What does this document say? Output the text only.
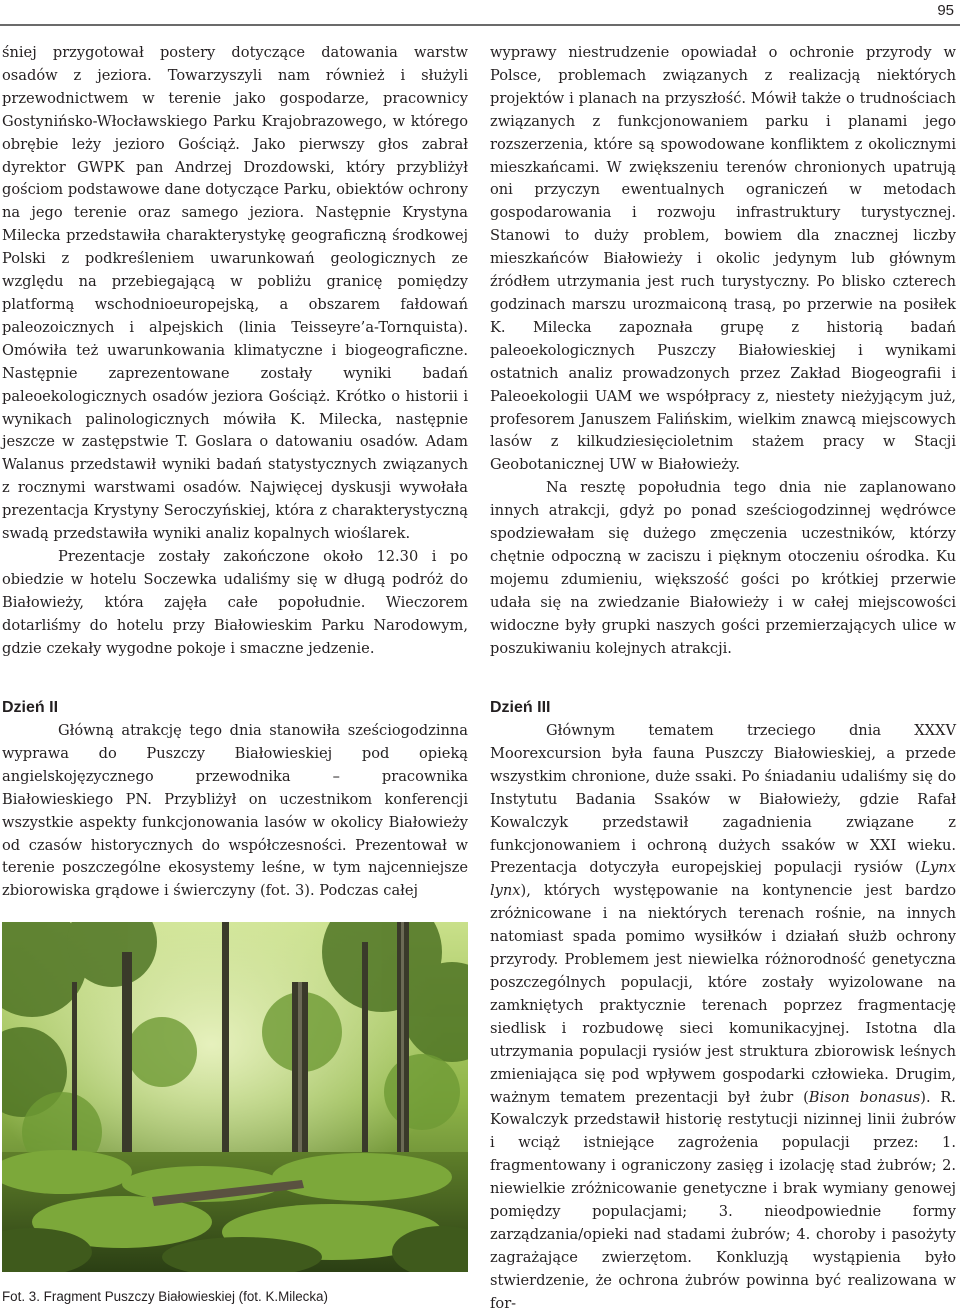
95

śniej przygotował postery dotyczące datowania warstw osadów z jeziora. Towarzyszyli nam również i służyli przewodnictwem w terenie jako gospodarze, pracownicy Gostynińsko-Włocławskiego Parku Krajobrazowego, w którego obrębie leży jezioro Gościąż. Jako pierwszy głos zabrał dyrektor GWPK pan Andrzej Drozdowski, który przybliżył gościom podstawowe dane dotyczące Parku, obiektów ochrony na jego terenie oraz samego jeziora. Następnie Krystyna Milecka przedstawiła charakterystykę geograficzną środkowej Polski z podkreśleniem uwarunkowań geologicznych ze względu na przebiegającą w pobliżu granicę pomiędzy platformą wschodnioeuropejską, a obszarem fałdowań paleozoicznych i alpejskich (linia Teisseyre’a-Tornquista). Omówiła też uwarunkowania klimatyczne i biogeograficzne. Następnie zaprezentowane zostały wyniki badań paleoekologicznych osadów jeziora Gościąż. Krótko o historii i wynikach palinologicznych mówiła K. Milecka, następnie jeszcze w zastępstwie T. Goslara o datowaniu osadów. Adam Walanus przedstawił wyniki badań statystycznych związanych z rocznymi warstwami osadów. Najwięcej dyskusji wywołała prezentacja Krystyny Seroczyńskiej, która z charakterystyczną swadą przedstawiła wyniki analiz kopalnych wioślarek.

Prezentacje zostały zakończone około 12.30 i po obiedzie w hotelu Soczewka udaliśmy się w długą podróż do Białowieży, która zajęła całe popołudnie. Wieczorem dotarliśmy do hotelu przy Białowieskim Parku Narodowym, gdzie czekały wygodne pokoje i smaczne jedzenie.

wyprawy niestrudzenie opowiadał o ochronie przyrody w Polsce, problemach związanych z realizacją niektórych projektów i planach na przyszłość. Mówił także o trudnościach związanych z funkcjonowaniem parku i planami jego rozszerzenia, które są spowodowane konfliktem z okolicznymi mieszkańcami. W zwiększeniu terenów chronionych upatrują oni przyczyn ewentualnych ograniczeń w metodach gospodarowania i rozwoju infrastruktury turystycznej. Stanowi to duży problem, bowiem dla znacznej liczby mieszkańców Białowieży i okolic jedynym lub głównym źródłem utrzymania jest ruch turystyczny. Po blisko czterech godzinach marszu urozmaiconą trasą, po przerwie na posiłek K. Milecka zapoznała grupę z historią badań paleoekologicznych Puszczy Białowieskiej i wynikami ostatnich analiz prowadzonych przez Zakład Biogeografii i Paleoekologii UAM we współpracy z, niestety nieżyjącym już, profesorem Januszem Falińskim, wielkim znawcą miejscowych lasów z kilkudziesięcioletnim stażem pracy w Stacji Geobotanicznej UW w Białowieży.

Na resztę popołudnia tego dnia nie zaplanowano innych atrakcji, gdyż po ponad sześciogodzinnej wędrówce spodziewałam się dużego zmęczenia uczestników, którzy chętnie odpoczną w zaciszu i pięknym otoczeniu ośrodka. Ku mojemu zdumieniu, większość gości po krótkiej przerwie udała się na zwiedzanie Białowieży i w całej miejscowości widoczne były grupki naszych gości przemierzających ulice w poszukiwaniu kolejnych atrakcji.

Dzień II

Główną atrakcję tego dnia stanowiła sześciogodzinna wyprawa do Puszczy Białowieskiej pod opieką angielskojęzycznego przewodnika – pracownika Białowieskiego PN. Przybliżył on uczestnikom konferencji wszystkie aspekty funkcjonowania lasów w okolicy Białowieży od czasów historycznych do współczesności. Prezentował w terenie poszczególne ekosystemy leśne, w tym najcenniejsze zbiorowiska grądowe i świerczyny (fot. 3). Podczas całej

Fot. 3. Fragment Puszczy Białowieskiej (fot. K.Milecka)
Dzień III

Głównym tematem trzeciego dnia XXXV Moorexcursion była fauna Puszczy Białowieskiej, a przede wszystkim chronione, duże ssaki. Po śniadaniu udaliśmy się do Instytutu Badania Ssaków w Białowieży, gdzie Rafał Kowalczyk przedstawił zagadnienia związane z funkcjonowaniem i ochroną dużych ssaków w XXI wieku. Prezentacja dotyczyła europejskiej populacji rysiów (Lynx lynx), których występowanie na kontynencie jest bardzo zróżnicowane i na niektórych terenach rośnie, na innych natomiast spada pomimo wysiłków i działań służb ochrony przyrody. Problemem jest niewielka różnorodność genetyczna poszczególnych populacji, które zostały wyizolowane na zamkniętych praktycznie terenach poprzez fragmentację siedlisk i rozbudowę sieci komunikacyjnej. Istotna dla utrzymania populacji rysiów jest struktura zbiorowisk leśnych zmieniająca się pod wpływem gospodarki człowieka. Drugim, ważnym tematem prezentacji był żubr (Bison bonasus). R. Kowalczyk przedstawił historię restytucji nizinnej linii żubrów i wciąż istniejące zagrożenia populacji przez: 1. fragmentowany i ograniczony zasięg i izolację stad żubrów; 2. niewielkie zróżnicowanie genetyczne i brak wymiany genowej pomiędzy populacjami; 3. nieodpowiednie formy zarządzania/opieki nad stadami żubrów; 4. choroby i pasożyty zagrażające zwierzętom. Konkluzją wystąpienia było stwierdzenie, że ochrona żubrów powinna być realizowana w for-
